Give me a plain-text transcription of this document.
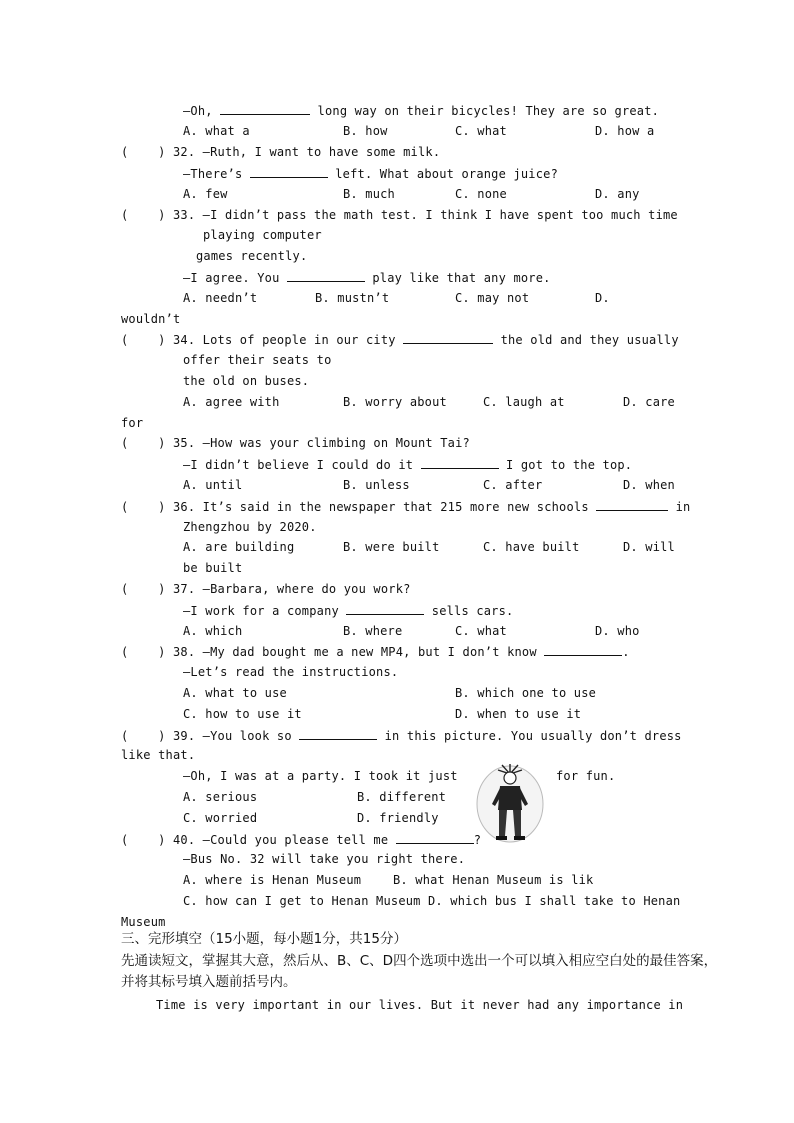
—Oh,	long way on their bicycles! They are so great.
A. what a	B. how	C. what	D. how a
(    ) 32. —Ruth, I want to have some milk.
—There’s	left. What about orange juice?
A. few	B. much	C. none	D. any
(    ) 33. —I didn’t pass the math test. I think I have spent too much time
playing computer
games recently.
—I agree. You	play like that any more.
A. needn’t	B. mustn’t	C. may not	D.
wouldn’t
(    ) 34. Lots of people in our city	the old and they usually
offer their seats to
the old on buses.
A. agree with	B. worry about	C. laugh at	D. care
for
(    ) 35. —How was your climbing on Mount Tai?
—I didn’t believe I could do it	I got to the top.
A. until	B. unless	C. after	D. when
(    ) 36. It’s said in the newspaper that 215 more new schools	in
Zhengzhou by 2020.
A. are building	B. were built	C. have built	D. will
be built
(    ) 37. —Barbara, where do you work?
—I work for a company	sells cars.
A. which	B. where	C. what	D. who
(    ) 38. —My dad bought me a new MP4, but I don’t know	.
—Let’s read the instructions.
A. what to use	B. which one to use
C. how to use it	D. when to use it
(    ) 39. —You look so	in this picture. You usually don’t dress
like that.
—Oh, I was at a party. I took it just	for fun.
A. serious	B. different
C. worried	D. friendly
(    ) 40. —Could you please tell me	?
—Bus No. 32 will take you right there.
A. where is Henan Museum	B. what Henan Museum is lik
C. how can I get to Henan Museum D. which bus I shall take to Henan
Museum
Time is very important in our lives. But it never had any importance in
三、完形填空（15小题，每小题1分，共15分）
先通读短文，掌握其大意，然后从、B、C、D四个选项中选出一个可以填入相应空白处的最佳答案，
并将其标号填入题前括号内。
